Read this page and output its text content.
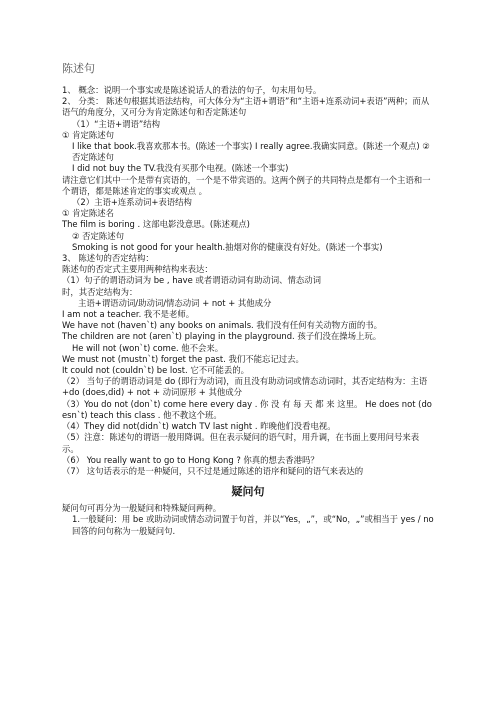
陈述句

1、 概念：说明一个事实或是陈述说话人的看法的句子，句末用句号。

2、 分类： 陈述句根据其语法结构，可大体分为“主语+谓语”和“主语+连系动词+表语”两种；而从语气的角度分，又可分为肯定陈述句和否定陈述句

（1）“主语+谓语”结构

① 肯定陈述句

I like that book.我喜欢那本书。(陈述一个事实) I really agree.我确实同意。(陈述一个观点) ② 否定陈述句

I did not buy the TV.我没有买那个电视。(陈述一个事实)

请注意它们其中一个是带有宾语的，一个是不带宾语的。这两个例子的共同特点是都有一个主语和一个谓语，都是陈述肯定的事实或观点 。

（2）主语+连系动词+表语结构

① 肯定陈述名

The film is boring . 这部电影没意思。(陈述观点)

② 否定陈述句

Smoking is not good for your health.抽烟对你的健康没有好处。(陈述一个事实)

3、 陈述句的否定结构：

陈述句的否定式主要用两种结构来表达：

（1）句子的谓语动词为 be , have 或者谓语动词有助动词、情态动词

时，其否定结构为：

主语+谓语动词/助动词/情态动词 + not + 其他成分

I am not a teacher. 我不是老师。

We have not (haven`t) any books on animals. 我们没有任何有关动物方面的书。

The children are not (aren`t) playing in the playground. 孩子们没在操场上玩。

He will not (won`t) come. 他不会来。

We must not (mustn`t) forget the past. 我们不能忘记过去。

It could not (couldn`t) be lost. 它不可能丢的。

（2） 当句子的谓语动词是 do (即行为动词)，而且没有助动词或情态动词时，其否定结构为：主语+do (does,did) + not + 动词原形 + 其他成分

（3）You do not (don`t) come here every day . 你 没 有 每 天 都 来 这里。 He does not (doesn`t) teach this class . 他不教这个班。

（4）They did not(didn`t) watch TV last night . 昨晚他们没看电视。

（5）注意：陈述句的谓语一般用降调。但在表示疑问的语气时，用升调，在书面上要用问号来表示。

（6） You really want to go to Hong Kong ? 你真的想去香港吗？

（7） 这句话表示的是一种疑问，只不过是通过陈述的语序和疑问的语气来表达的

疑问句

疑问句可再分为一般疑问和特殊疑问两种。

1.一般疑问：用 be 或助动词或情态动词置于句首，并以“Yes，„”，或“No，„”或相当于 yes / no 回答的问句称为一般疑问句.
